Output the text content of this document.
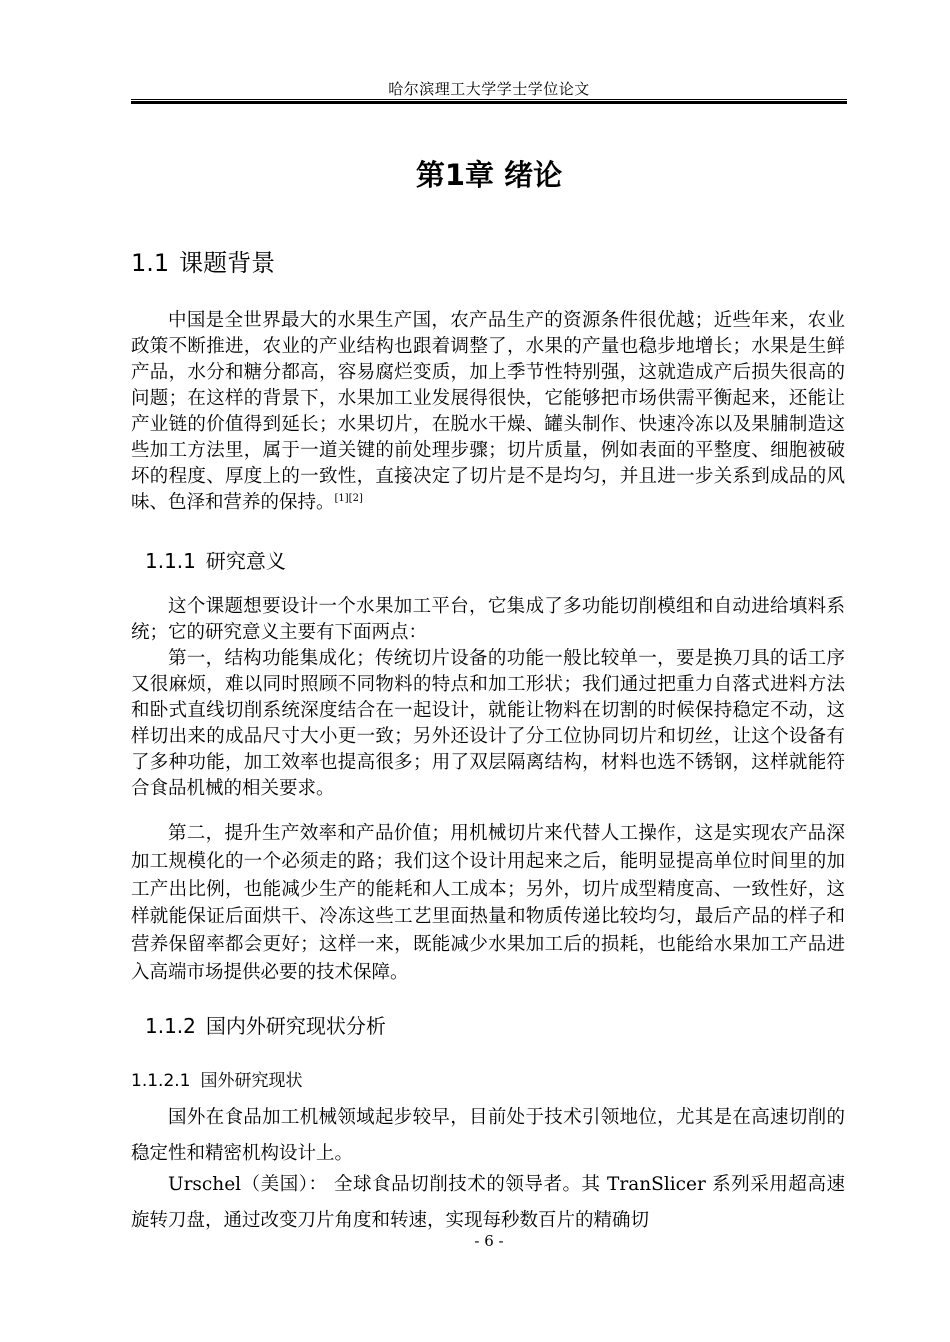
哈尔滨理工大学学士学位论文
第1章 绪论
1.1 课题背景

中国是全世界最大的水果生产国，农产品生产的资源条件很优越；近些年来，农业政策不断推进，农业的产业结构也跟着调整了，水果的产量也稳步地增长；水果是生鲜产品，水分和糖分都高，容易腐烂变质，加上季节性特别强，这就造成产后损失很高的问题；在这样的背景下，水果加工业发展得很快，它能够把市场供需平衡起来，还能让产业链的价值得到延长；水果切片，在脱水干燥、罐头制作、快速冷冻以及果脯制造这些加工方法里，属于一道关键的前处理步骤；切片质量，例如表面的平整度、细胞被破坏的程度、厚度上的一致性，直接决定了切片是不是均匀，并且进一步关系到成品的风味、色泽和营养的保持。[1][2]

1.1.1 研究意义

这个课题想要设计一个水果加工平台，它集成了多功能切削模组和自动进给填料系统；它的研究意义主要有下面两点：

第一，结构功能集成化；传统切片设备的功能一般比较单一，要是换刀具的话工序又很麻烦，难以同时照顾不同物料的特点和加工形状；我们通过把重力自落式进料方法和卧式直线切削系统深度结合在一起设计，就能让物料在切割的时候保持稳定不动，这样切出来的成品尺寸大小更一致；另外还设计了分工位协同切片和切丝，让这个设备有了多种功能，加工效率也提高很多；用了双层隔离结构，材料也选不锈钢，这样就能符合食品机械的相关要求。

第二，提升生产效率和产品价值；用机械切片来代替人工操作，这是实现农产品深加工规模化的一个必须走的路；我们这个设计用起来之后，能明显提高单位时间里的加工产出比例，也能减少生产的能耗和人工成本；另外，切片成型精度高、一致性好，这样就能保证后面烘干、冷冻这些工艺里面热量和物质传递比较均匀，最后产品的样子和营养保留率都会更好；这样一来，既能减少水果加工后的损耗，也能给水果加工产品进入高端市场提供必要的技术保障。

1.1.2 国内外研究现状分析
1.1.2.1 国外研究现状

国外在食品加工机械领域起步较早，目前处于技术引领地位，尤其是在高速切削的稳定性和精密机构设计上。

Urschel（美国）： 全球食品切削技术的领导者。其 TranSlicer 系列采用超高速旋转刀盘，通过改变刀片角度和转速，实现每秒数百片的精确切

- 6 -
